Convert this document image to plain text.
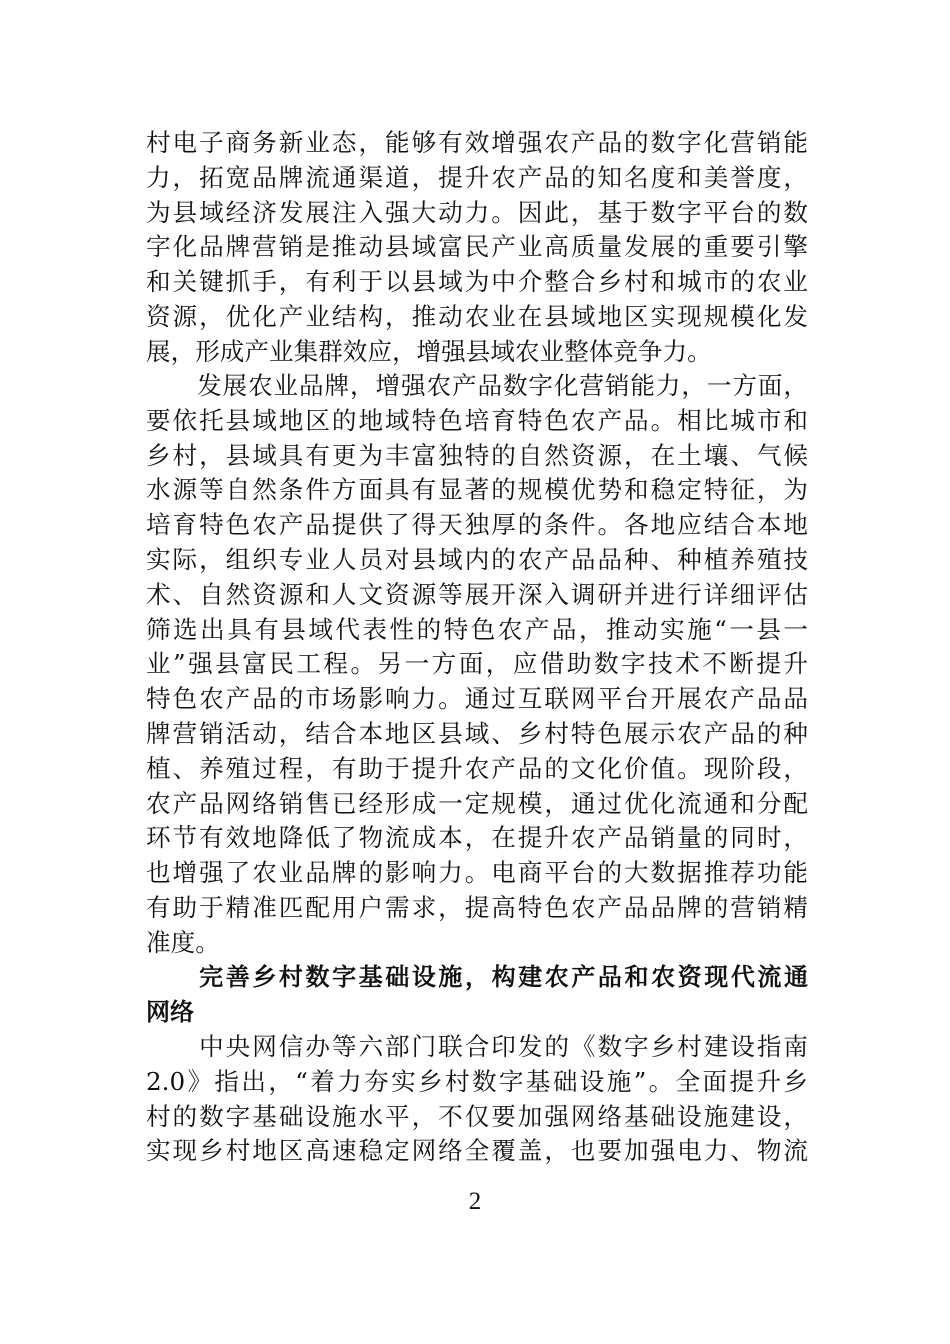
村电子商务新业态，能够有效增强农产品的数字化营销能
力，拓宽品牌流通渠道，提升农产品的知名度和美誉度，
为县域经济发展注入强大动力。因此，基于数字平台的数
字化品牌营销是推动县域富民产业高质量发展的重要引擎
和关键抓手，有利于以县域为中介整合乡村和城市的农业
资源，优化产业结构，推动农业在县域地区实现规模化发
展，形成产业集群效应，增强县域农业整体竞争力。
　　发展农业品牌，增强农产品数字化营销能力，一方面，
要依托县域地区的地域特色培育特色农产品。相比城市和
乡村，县域具有更为丰富独特的自然资源，在土壤、气候
水源等自然条件方面具有显著的规模优势和稳定特征，为
培育特色农产品提供了得天独厚的条件。各地应结合本地
实际，组织专业人员对县域内的农产品品种、种植养殖技
术、自然资源和人文资源等展开深入调研并进行详细评估
筛选出具有县域代表性的特色农产品，推动实施“一县一
业”强县富民工程。另一方面，应借助数字技术不断提升
特色农产品的市场影响力。通过互联网平台开展农产品品
牌营销活动，结合本地区县域、乡村特色展示农产品的种
植、养殖过程，有助于提升农产品的文化价值。现阶段，
农产品网络销售已经形成一定规模，通过优化流通和分配
环节有效地降低了物流成本，在提升农产品销量的同时，
也增强了农业品牌的影响力。电商平台的大数据推荐功能
有助于精准匹配用户需求，提高特色农产品品牌的营销精
准度。
　　完善乡村数字基础设施，构建农产品和农资现代流通
网络
　　中央网信办等六部门联合印发的《数字乡村建设指南
2.0》指出，“着力夯实乡村数字基础设施”。全面提升乡
村的数字基础设施水平，不仅要加强网络基础设施建设，
实现乡村地区高速稳定网络全覆盖，也要加强电力、物流
2
